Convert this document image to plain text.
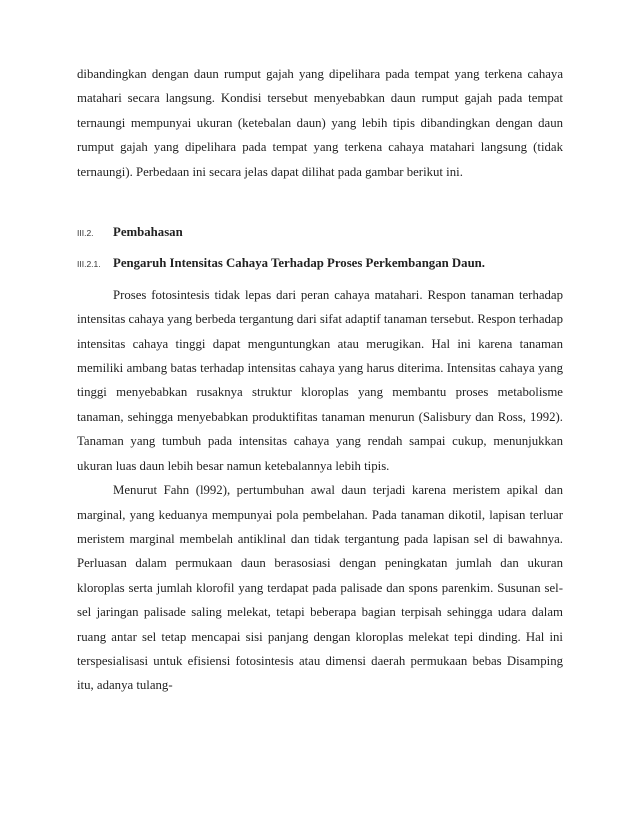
dibandingkan dengan daun rumput gajah yang dipelihara pada tempat yang terkena cahaya matahari secara langsung. Kondisi tersebut menyebabkan daun rumput gajah pada tempat ternaungi mempunyai ukuran (ketebalan daun) yang lebih tipis dibandingkan dengan daun rumput gajah yang dipelihara pada tempat yang terkena cahaya matahari langsung (tidak ternaungi). Perbedaan ini secara jelas dapat dilihat pada gambar berikut ini.

III.2.	Pembahasan
III.2.1. Pengaruh Intensitas Cahaya Terhadap Proses Perkembangan Daun.

Proses fotosintesis tidak lepas dari peran cahaya matahari. Respon tanaman terhadap intensitas cahaya yang berbeda tergantung dari sifat adaptif tanaman tersebut. Respon terhadap intensitas cahaya tinggi dapat menguntungkan atau merugikan. Hal ini karena tanaman memiliki ambang batas terhadap intensitas cahaya yang harus diterima. Intensitas cahaya yang tinggi menyebabkan rusaknya struktur kloroplas yang membantu proses metabolisme tanaman, sehingga menyebabkan produktifitas tanaman menurun (Salisbury dan Ross, 1992). Tanaman yang tumbuh pada intensitas cahaya yang rendah sampai cukup, menunjukkan ukuran luas daun lebih besar namun ketebalannya lebih tipis.

Menurut Fahn (l992), pertumbuhan awal daun terjadi karena meristem apikal dan marginal, yang keduanya mempunyai pola pembelahan. Pada tanaman dikotil, lapisan terluar meristem marginal membelah antiklinal dan tidak tergantung pada lapisan sel di bawahnya. Perluasan dalam permukaan daun berasosiasi dengan peningkatan jumlah dan ukuran kloroplas serta jumlah klorofil yang terdapat pada palisade dan spons parenkim. Susunan sel-sel jaringan palisade saling melekat, tetapi beberapa bagian terpisah sehingga udara dalam ruang antar sel tetap mencapai sisi panjang dengan kloroplas melekat tepi dinding. Hal ini terspesialisasi untuk efisiensi fotosintesis atau dimensi daerah permukaan bebas Disamping itu, adanya tulang-
